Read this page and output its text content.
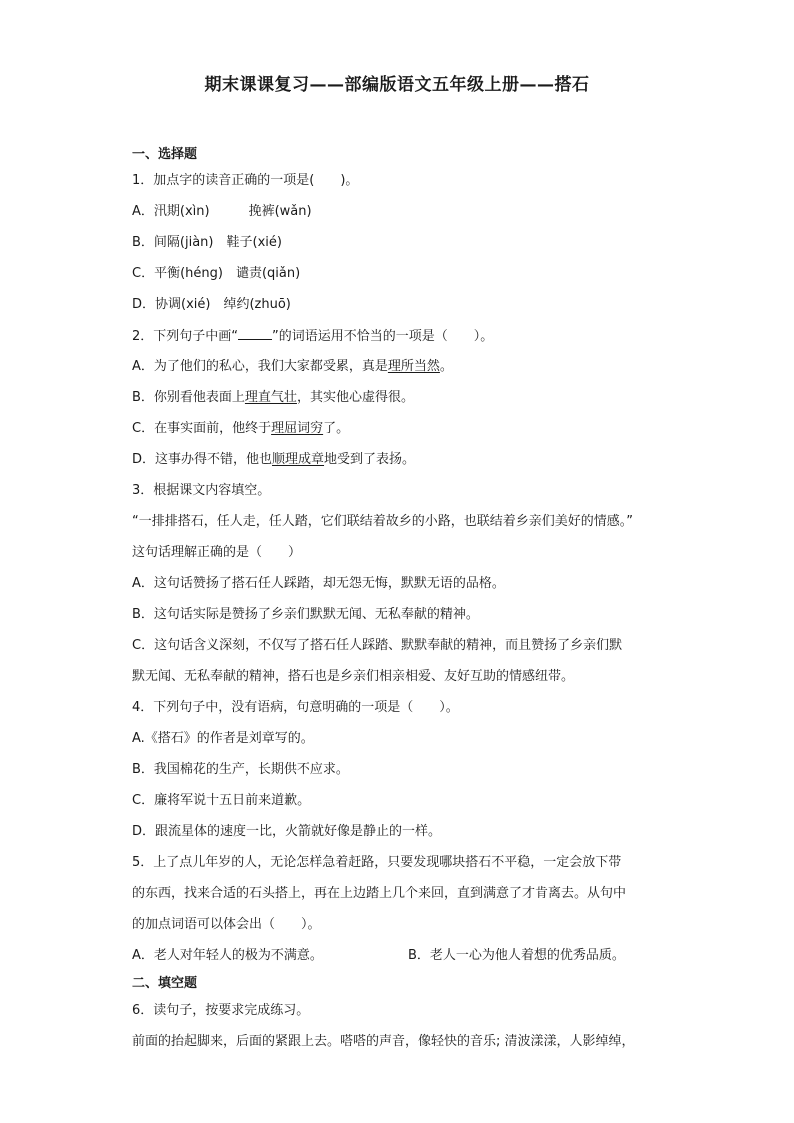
期末课课复习——部编版语文五年级上册——搭石
一、选择题
1．加点字的读音正确的一项是(　　)。
A．汛期(xìn)　　　挽裤(wǎn)
B．间隔(jiàn)　鞋子(xié)
C．平衡(héng)　谴责(qiǎn)
D．协调(xié)　绰约(zhuō)
2．下列句子中画“	”的词语运用不恰当的一项是（　　）。
A．为了他们的私心，我们大家都受累，真是理所当然。
B．你别看他表面上理直气壮，其实他心虚得很。
C．在事实面前，他终于理屈词穷了。
D．这事办得不错，他也顺理成章地受到了表扬。
3．根据课文内容填空。
“一排排搭石，任人走，任人踏，它们联结着故乡的小路，也联结着乡亲们美好的情感。”
这句话理解正确的是（　　）
A．这句话赞扬了搭石任人踩踏，却无怨无悔，默默无语的品格。
B．这句话实际是赞扬了乡亲们默默无闻、无私奉献的精神。
C．这句话含义深刻，不仅写了搭石任人踩踏、默默奉献的精神，而且赞扬了乡亲们默
默无闻、无私奉献的精神，搭石也是乡亲们相亲相爱、友好互助的情感纽带。
4．下列句子中，没有语病，句意明确的一项是（　　）。
A.《搭石》的作者是刘章写的。
B．我国棉花的生产，长期供不应求。
C．廉将军说十五日前来道歉。
D．跟流星体的速度一比，火箭就好像是静止的一样。
5．上了点儿年岁的人，无论怎样急着赶路，只要发现哪块搭石不平稳，一定会放下带
的东西，找来合适的石头搭上，再在上边踏上几个来回，直到满意了才肯离去。从句中
的加点词语可以体会出（　　）。
A．老人对年轻人的极为不满意。	B．老人一心为他人着想的优秀品质。
二、填空题
6．读句子，按要求完成练习。
前面的抬起脚来，后面的紧跟上去。嗒嗒的声音，像轻快的音乐; 清波漾漾，人影绰绰，
